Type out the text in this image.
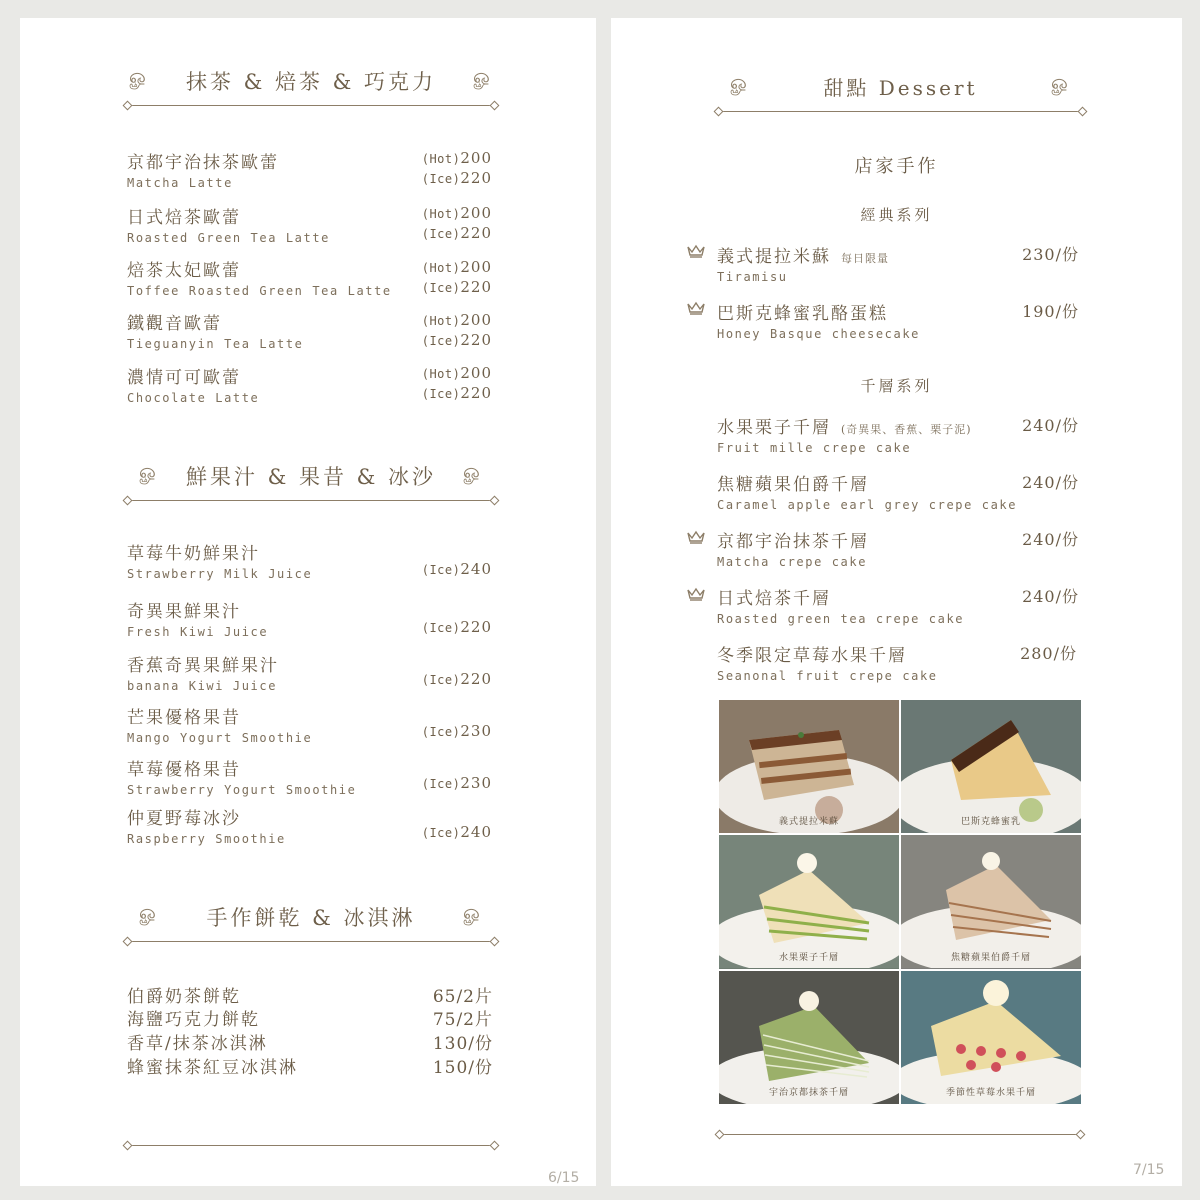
ௐ	抹茶 & 焙茶 & 巧克力	ௐ
京都宇治抹茶歐蕾
Matcha Latte
(Hot)200
(Ice)220
日式焙茶歐蕾
Roasted Green Tea Latte
(Hot)200
(Ice)220
焙茶太妃歐蕾
Toffee Roasted Green Tea Latte
(Hot)200
(Ice)220
鐵觀音歐蕾
Tieguanyin Tea Latte
(Hot)200
(Ice)220
濃情可可歐蕾
Chocolate Latte
(Hot)200
(Ice)220
ௐ	鮮果汁 & 果昔 & 冰沙	ௐ
草莓牛奶鮮果汁
Strawberry Milk Juice	(Ice)240
奇異果鮮果汁
Fresh Kiwi Juice	(Ice)220
香蕉奇異果鮮果汁
banana Kiwi Juice	(Ice)220
芒果優格果昔
Mango Yogurt Smoothie	(Ice)230
草莓優格果昔
Strawberry Yogurt Smoothie	(Ice)230
仲夏野莓冰沙
Raspberry Smoothie	(Ice)240
ௐ	手作餅乾 & 冰淇淋	ௐ
伯爵奶茶餅乾	65/2片
海鹽巧克力餅乾	75/2片
香草/抹茶冰淇淋	130/份
蜂蜜抹茶紅豆冰淇淋	150/份
6/15
ௐ	甜點 Dessert	ௐ
店家手作
經典系列
義式提拉米蘇 每日限量
Tiramisu
230/份
巴斯克蜂蜜乳酪蛋糕
Honey Basque cheesecake
190/份
千層系列
水果栗子千層 (奇異果、香蕉、栗子泥)
Fruit mille crepe cake
240/份
焦糖蘋果伯爵千層
Caramel apple earl grey crepe cake
240/份
京都宇治抹茶千層
Matcha crepe cake
240/份
日式焙茶千層
Roasted green tea crepe cake
240/份
冬季限定草莓水果千層
Seanonal fruit crepe cake
280/份
義式提拉米蘇	巴斯克蜂蜜乳
水果栗子千層	焦糖蘋果伯爵千層
宇治京都抹茶千層	季節性草莓水果千層
7/15
